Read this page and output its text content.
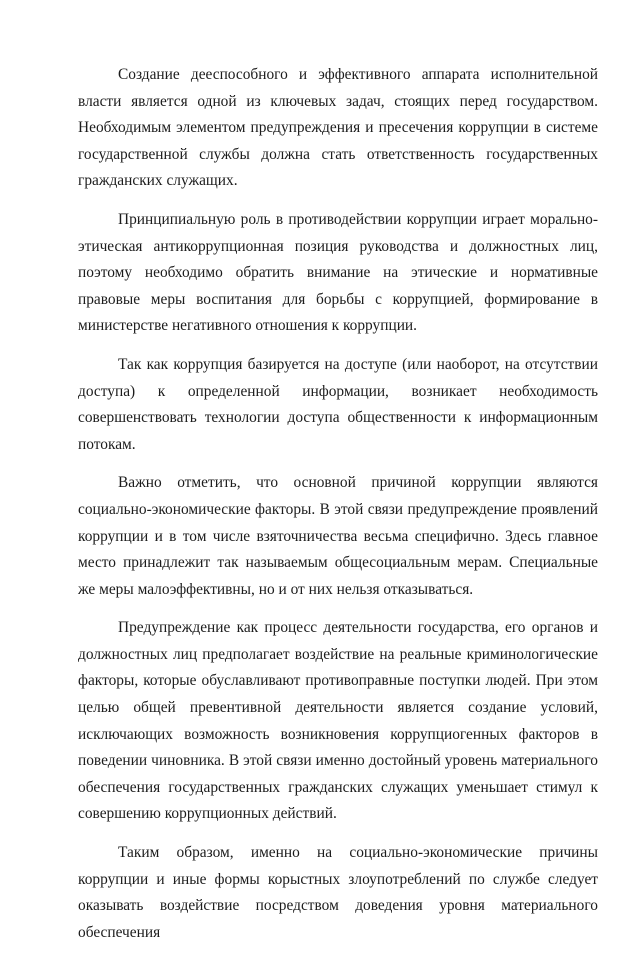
Создание дееспособного и эффективного аппарата исполнительной власти является одной из ключевых задач, стоящих перед государством. Необходимым элементом предупреждения и пресечения коррупции в системе государственной службы должна стать ответственность государственных гражданских служащих.

Принципиальную роль в противодействии коррупции играет морально-этическая антикоррупционная позиция руководства и должностных лиц, поэтому необходимо обратить внимание на этические и нормативные правовые меры воспитания для борьбы с коррупцией, формирование в министерстве негативного отношения к коррупции.

Так как коррупция базируется на доступе (или наоборот, на отсутствии доступа) к определенной информации, возникает необходимость совершенствовать технологии доступа общественности к информационным потокам.

Важно отметить, что основной причиной коррупции являются социально-экономические факторы. В этой связи предупреждение проявлений коррупции и в том числе взяточничества весьма специфично. Здесь главное место принадлежит так называемым общесоциальным мерам. Специальные же меры малоэффективны, но и от них нельзя отказываться.

Предупреждение как процесс деятельности государства, его органов и должностных лиц предполагает воздействие на реальные криминологические факторы, которые обуславливают противоправные поступки людей. При этом целью общей превентивной деятельности является создание условий, исключающих возможность возникновения коррупциогенных факторов в поведении чиновника. В этой связи именно достойный уровень материального обеспечения государственных гражданских служащих уменьшает стимул к совершению коррупционных действий.

Таким образом, именно на социально-экономические причины коррупции и иные формы корыстных злоупотреблений по службе следует оказывать воздействие посредством доведения уровня материального обеспечения
